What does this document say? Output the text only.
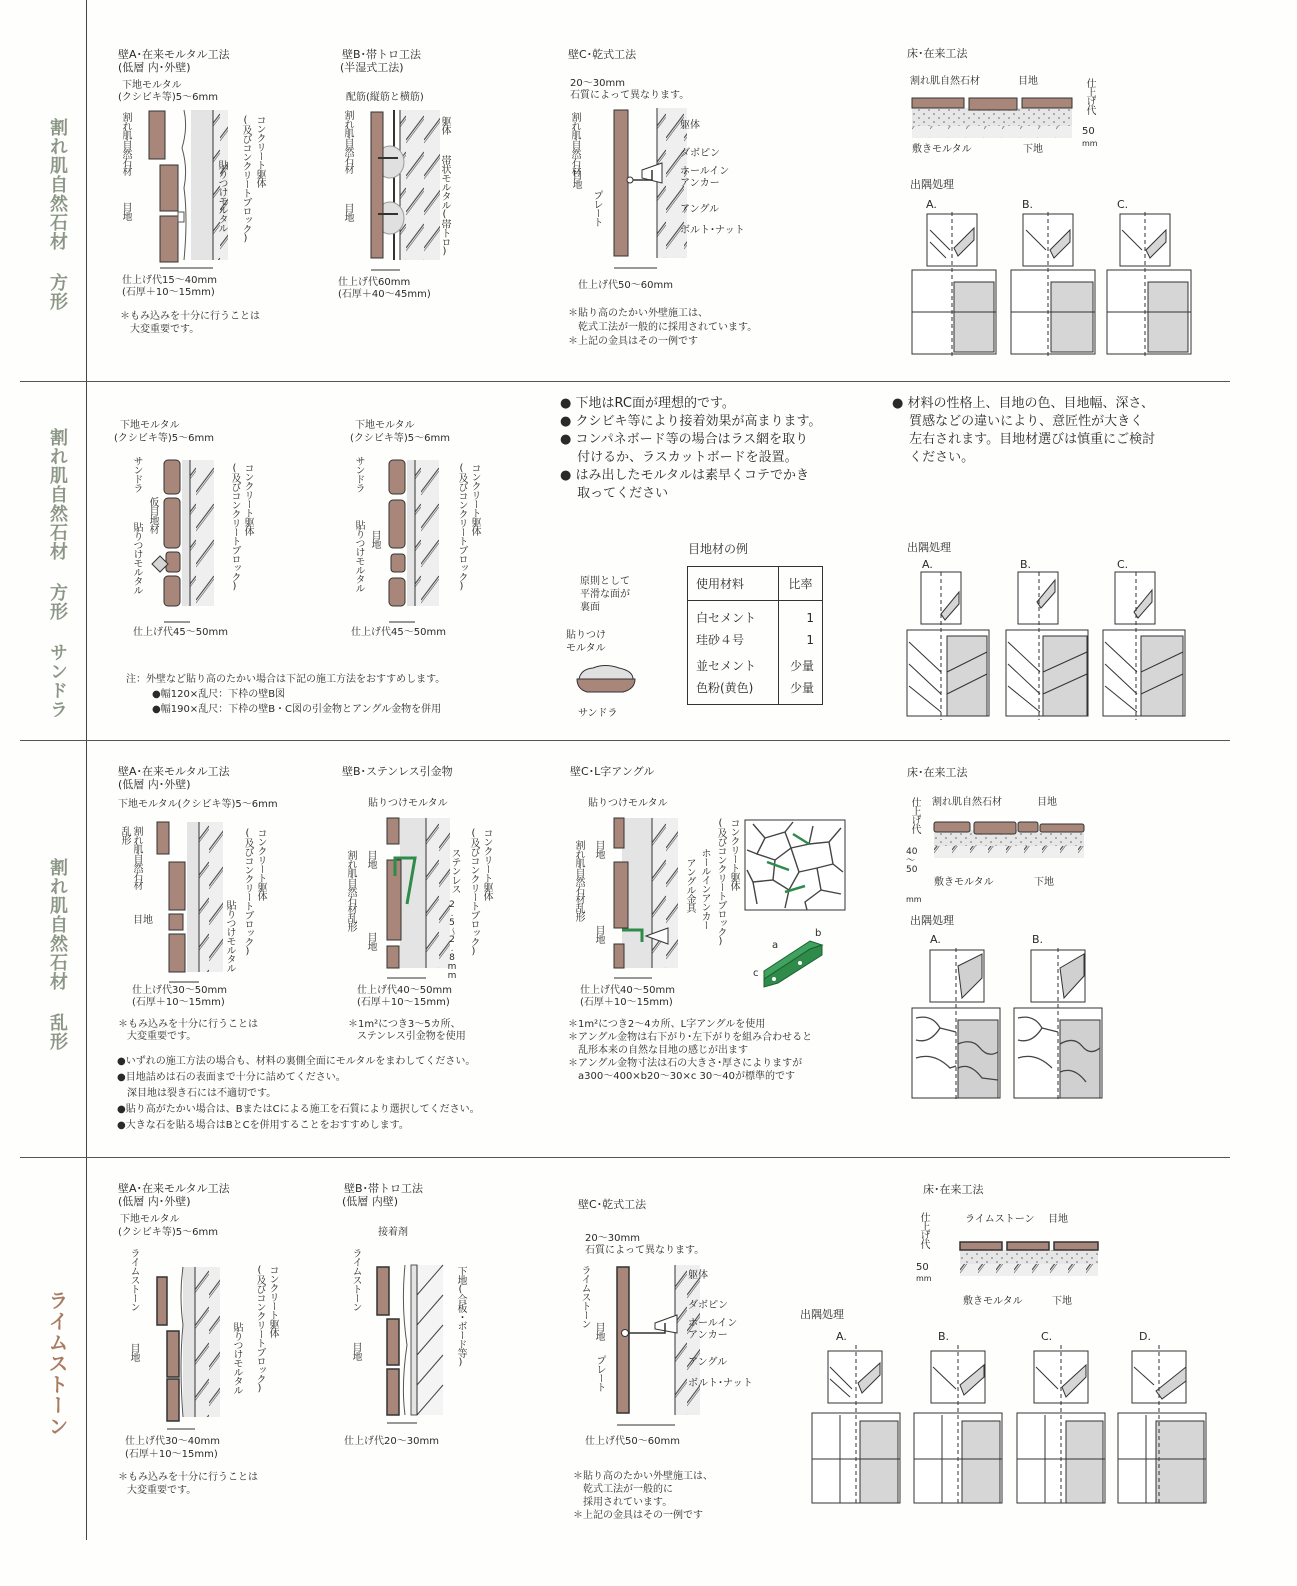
割れ肌自然石材 方形
割れ肌自然石材 方形 サンドラ
割れ肌自然石材 乱形
ライムストーン
壁A･在来モルタル工法
(低層 内･外壁)
下地モルタル
(クシビキ等)5～6mm
割れ肌自然石材
目地	貼りつけモルタル
コンクリート躯体
(及びコンクリートブロック)
仕上げ代15～40mm
(石厚＋10～15mm)
＊もみ込みを十分に行うことは
大変重要です。
壁B･帯トロ工法
(半湿式工法)
配筋(縦筋と横筋)
割れ肌自然石材
目地
躯体
帯状モルタル(帯トロ)
仕上げ代60mm
(石厚＋40～45mm)
壁C･乾式工法
20～30mm
石質によって異なります。
割れ肌自然石材
目地
プレート
躯体
ダボピン
ホールインアンカー
アングル
ボルト･ナット
仕上げ代50～60mm
＊貼り高のたかい外壁施工は、
乾式工法が一般的に採用されています。
＊上記の金具はその一例です
床･在来工法
割れ肌自然石材	目地	仕上げ代
50
mm
敷きモルタル	下地
出隅処理
A.	B.	C.
下地モルタル
(クシビキ等)5～6mm
サンドラ
仮目地材
貼りつけモルタル
コンクリート躯体
(及びコンクリートブロック)
仕上げ代45～50mm
下地モルタル
(クシビキ等)5～6mm
サンドラ
目地
貼りつけモルタル
コンクリート躯体
(及びコンクリートブロック)
仕上げ代45～50mm
注：外壁など貼り高のたかい場合は下記の施工方法をおすすめします。
●幅120×乱尺：下枠の壁B図
●幅190×乱尺：下枠の壁B・C図の引金物とアングル金物を併用
● 下地はRC面が理想的です。
● クシビキ等により接着効果が高まります。
● コンパネボード等の場合はラス網を取り
　 付けるか、ラスカットボードを設置。
● はみ出したモルタルは素早くコテでかき
　 取ってください
● 材料の性格上、目地の色、目地幅、深さ、
　 質感などの違いにより、意匠性が大きく
　 左右されます。目地材選びは慎重にご検討
　 ください。
原則として
平滑な面が
裏面
貼りつけ
モルタル
サンドラ
目地材の例
使用材料	比率
白セメント	1
珪砂４号	1
並セメント	少量
色粉(黄色)	少量
出隅処理
A.	B.	C.
壁A･在来モルタル工法
(低層 内･外壁)
下地モルタル(クシビキ等)5～6mm
乱形 割れ肌自然石材
目地	貼りつけモルタル
コンクリート躯体
(及びコンクリートブロック)
仕上げ代30～50mm
(石厚＋10～15mm)
＊もみ込みを十分に行うことは
大変重要です。
壁B･ステンレス引金物
貼りつけモルタル
割れ肌自然石材乱形 目地
目地
ステンレス
2.5～2.8mm
コンクリート躯体
(及びコンクリートブロック)
仕上げ代40～50mm
(石厚＋10～15mm)
＊1m²につき3～5カ所、
ステンレス引金物を使用
壁C･L字アングル
貼りつけモルタル
割れ肌自然石材乱形 目地
目地
アングル金具 ホールインアンカー コンクリート躯体
(及びコンクリートブロック)	a
b
c
仕上げ代40～50mm
(石厚＋10～15mm)
＊1m²につき2～4カ所、L字アングルを使用
＊アングル金物は右下がり･左下がりを組み合わせると
　乱形本来の自然な目地の感じが出ます
＊アングル金物寸法は石の大きさ･厚さによりますが
　a300～400×b20～30×c 30～40が標準的です
●いずれの施工方法の場合も、材料の裏側全面にモルタルをまわしてください。
●目地詰めは石の表面まで十分に詰めてください。
　深目地は裂き石には不適切です。
●貼り高がたかい場合は、BまたはCによる施工を石質により選択してください。
●大きな石を貼る場合はBとCを併用することをおすすめします。
床･在来工法
割れ肌自然石材	目地
仕上げ代
40～50
mm
敷きモルタル	下地
出隅処理
A.	B.
壁A･在来モルタル工法
(低層 内･外壁)
下地モルタル
(クシビキ等)5～6mm
ライムストーン
目地	貼りつけモルタル
コンクリート躯体
(及びコンクリートブロック)
仕上げ代30～40mm
(石厚＋10～15mm)
＊もみ込みを十分に行うことは
大変重要です。
壁B･帯トロ工法
(低層 内壁)
接着剤
ライムストーン
目地	下地(合板･ボード等)
仕上げ代20～30mm
壁C･乾式工法
20～30mm
石質によって異なります。
ライムストーン
目地
プレート
躯体
ダボピン
ホールイン
アンカー
アングル
ボルト･ナット
仕上げ代50～60mm
＊貼り高のたかい外壁施工は、
　乾式工法が一般的に
　採用されています。
＊上記の金具はその一例です
床･在来工法
仕上げ代
50
mm
ライムストーン 目地
敷きモルタル	下地
出隅処理
A.	B.	C.	D.
